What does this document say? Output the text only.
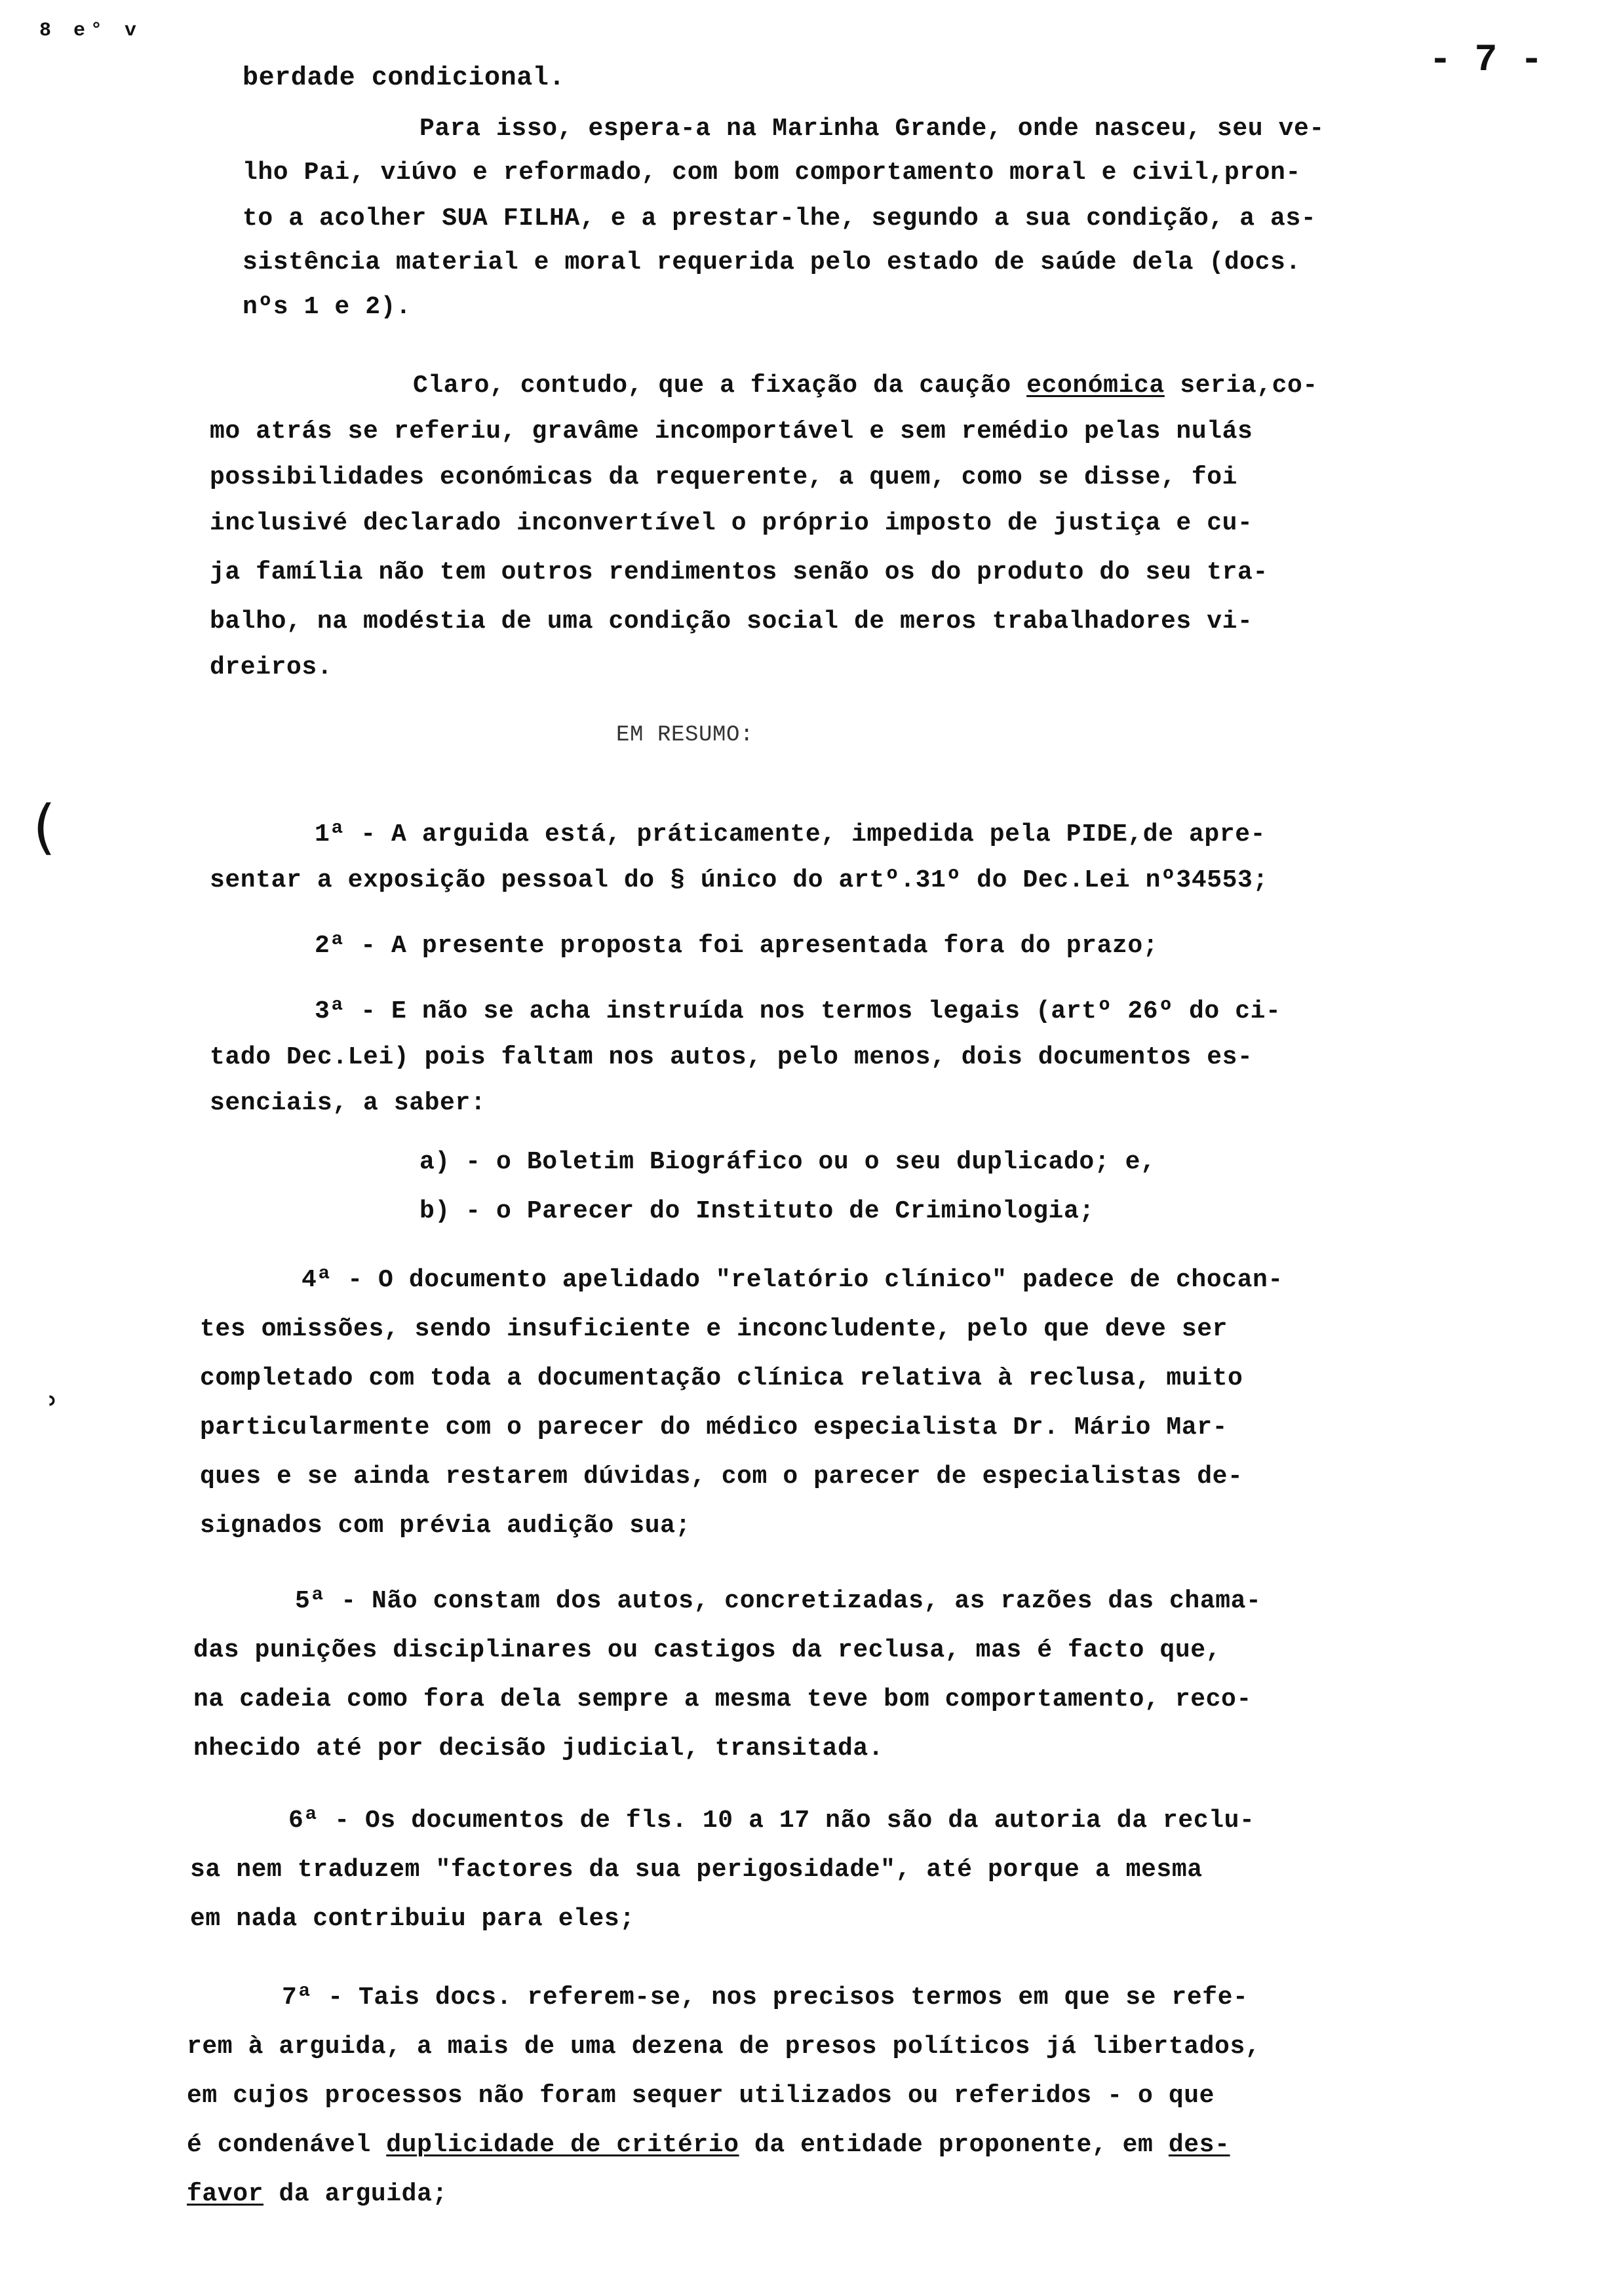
8 e° v
- 7 -
(
ʾ
berdade condicional.
Para isso, espera-a na Marinha Grande, onde nasceu, seu ve-
lho Pai, viúvo e reformado, com bom comportamento moral e civil,pron-
to a acolher SUA FILHA, e a prestar-lhe, segundo a sua condição, a as-
sistência material e moral requerida pelo estado de saúde dela (docs.
nºs 1 e 2).
Claro, contudo, que a fixação da caução económica seria,co-
mo atrás se referiu, gravâme incomportável e sem remédio pelas nulás
possibilidades económicas da requerente, a quem, como se disse, foi
inclusivé declarado inconvertível o próprio imposto de justiça e cu-
ja família não tem outros rendimentos senão os do produto do seu tra-
balho, na modéstia de uma condição social de meros trabalhadores vi-
dreiros.
EM RESUMO:
1ª - A arguida está, práticamente, impedida pela PIDE,de apre-
sentar a exposição pessoal do § único do artº.31º do Dec.Lei nº34553;
2ª - A presente proposta foi apresentada fora do prazo;
3ª - E não se acha instruída nos termos legais (artº 26º do ci-
tado Dec.Lei) pois faltam nos autos, pelo menos, dois documentos es-
senciais, a saber:
a) - o Boletim Biográfico ou o seu duplicado; e,
b) - o Parecer do Instituto de Criminologia;
4ª - O documento apelidado "relatório clínico" padece de chocan-
tes omissões, sendo insuficiente e inconcludente, pelo que deve ser
completado com toda a documentação clínica relativa à reclusa, muito
particularmente com o parecer do médico especialista Dr. Mário Mar-
ques e se ainda restarem dúvidas, com o parecer de especialistas de-
signados com prévia audição sua;
5ª - Não constam dos autos, concretizadas, as razões das chama-
das punições disciplinares ou castigos da reclusa, mas é facto que,
na cadeia como fora dela sempre a mesma teve bom comportamento, reco-
nhecido até por decisão judicial, transitada.
6ª - Os documentos de fls. 10 a 17 não são da autoria da reclu-
sa nem traduzem "factores da sua perigosidade", até porque a mesma
em nada contribuiu para eles;
7ª - Tais docs. referem-se, nos precisos termos em que se refe-
rem à arguida, a mais de uma dezena de presos políticos já libertados,
em cujos processos não foram sequer utilizados ou referidos - o que
é condenável duplicidade de critério da entidade proponente, em des-
favor da arguida;
